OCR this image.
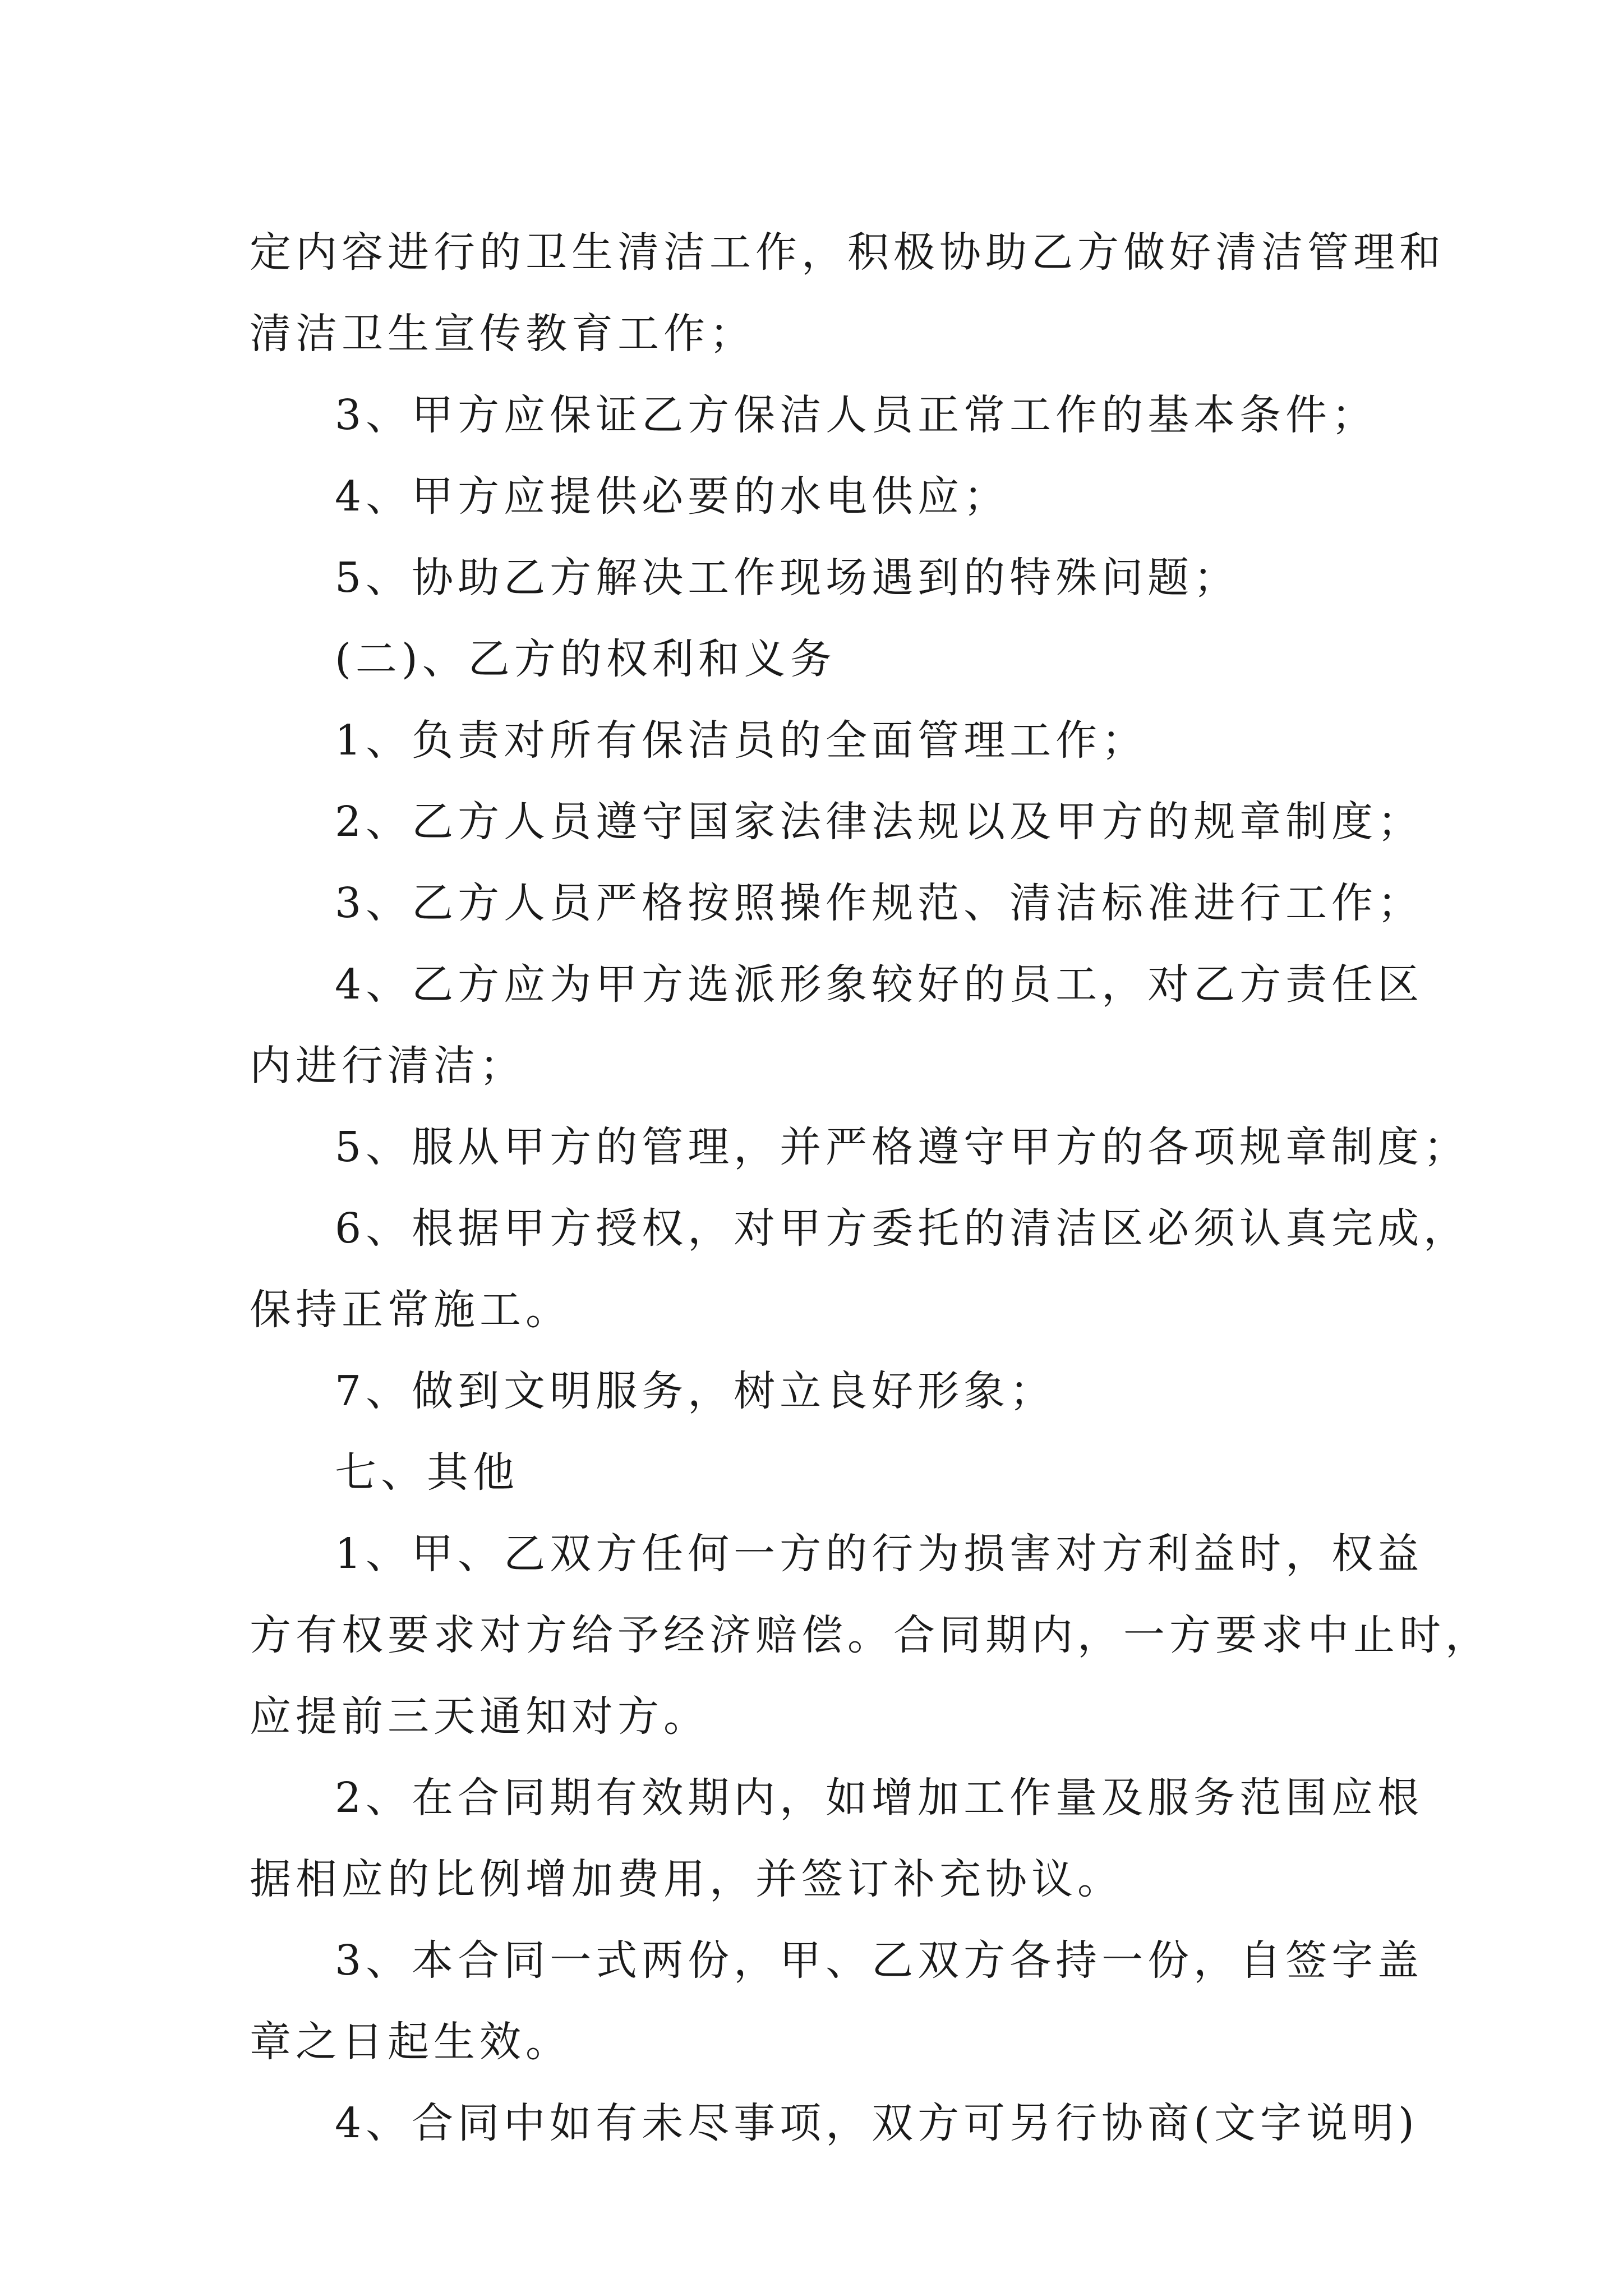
定内容进行的卫生清洁工作，积极协助乙方做好清洁管理和
清洁卫生宣传教育工作；
3、甲方应保证乙方保洁人员正常工作的基本条件；
4、甲方应提供必要的水电供应；
5、协助乙方解决工作现场遇到的特殊问题；
(二)、乙方的权利和义务
1、负责对所有保洁员的全面管理工作；
2、乙方人员遵守国家法律法规以及甲方的规章制度；
3、乙方人员严格按照操作规范、清洁标准进行工作；
4、乙方应为甲方选派形象较好的员工，对乙方责任区
内进行清洁；
5、服从甲方的管理，并严格遵守甲方的各项规章制度；
6、根据甲方授权，对甲方委托的清洁区必须认真完成，
保持正常施工。
7、做到文明服务，树立良好形象；
七、其他
1、甲、乙双方任何一方的行为损害对方利益时，权益
方有权要求对方给予经济赔偿。合同期内，一方要求中止时，
应提前三天通知对方。
2、在合同期有效期内，如增加工作量及服务范围应根
据相应的比例增加费用，并签订补充协议。
3、本合同一式两份，甲、乙双方各持一份，自签字盖
章之日起生效。
4、合同中如有未尽事项，双方可另行协商(文字说明)
